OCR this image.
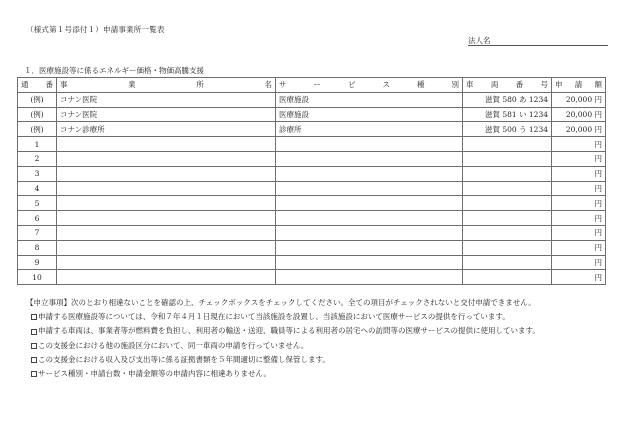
（様式第１号添付１）申請事業所一覧表
法人名
１．医療施設等に係るエネルギー価格・物価高騰支援
通　番	事　　　業　　　所　　　名	サ　ー　ビ　ス　種　別	車　両　番　号	申　請　額
(例)	コナン医院	医療施設	滋賀 580 あ 1234	20,000 円
(例)	コナン医院	医療施設	滋賀 581 い 1234	20,000 円
(例)	コナン診療所	診療所	滋賀 500 う 1234	20,000 円
1				円
2				円
3				円
4				円
5				円
6				円
7				円
8				円
9				円
10				円
【申立事項】次のとおり相違ないことを確認の上、チェックボックスをチェックしてください。全ての項目がチェックされないと交付申請できません。
申請する医療施設等については、令和７年４月１日現在において当該施設を設置し、当該施設において医療サービスの提供を行っています。
申請する車両は、事業者等が燃料費を負担し、利用者の輸送・送迎、職員等による利用者の居宅への訪問等の医療サービスの提供に使用しています。
この支援金における他の施設区分において、同一車両の申請を行っていません。
この支援金における収入及び支出等に係る証拠書類を５年間適切に整備し保管します。
サービス種別・申請台数・申請金額等の申請内容に相違ありません。
